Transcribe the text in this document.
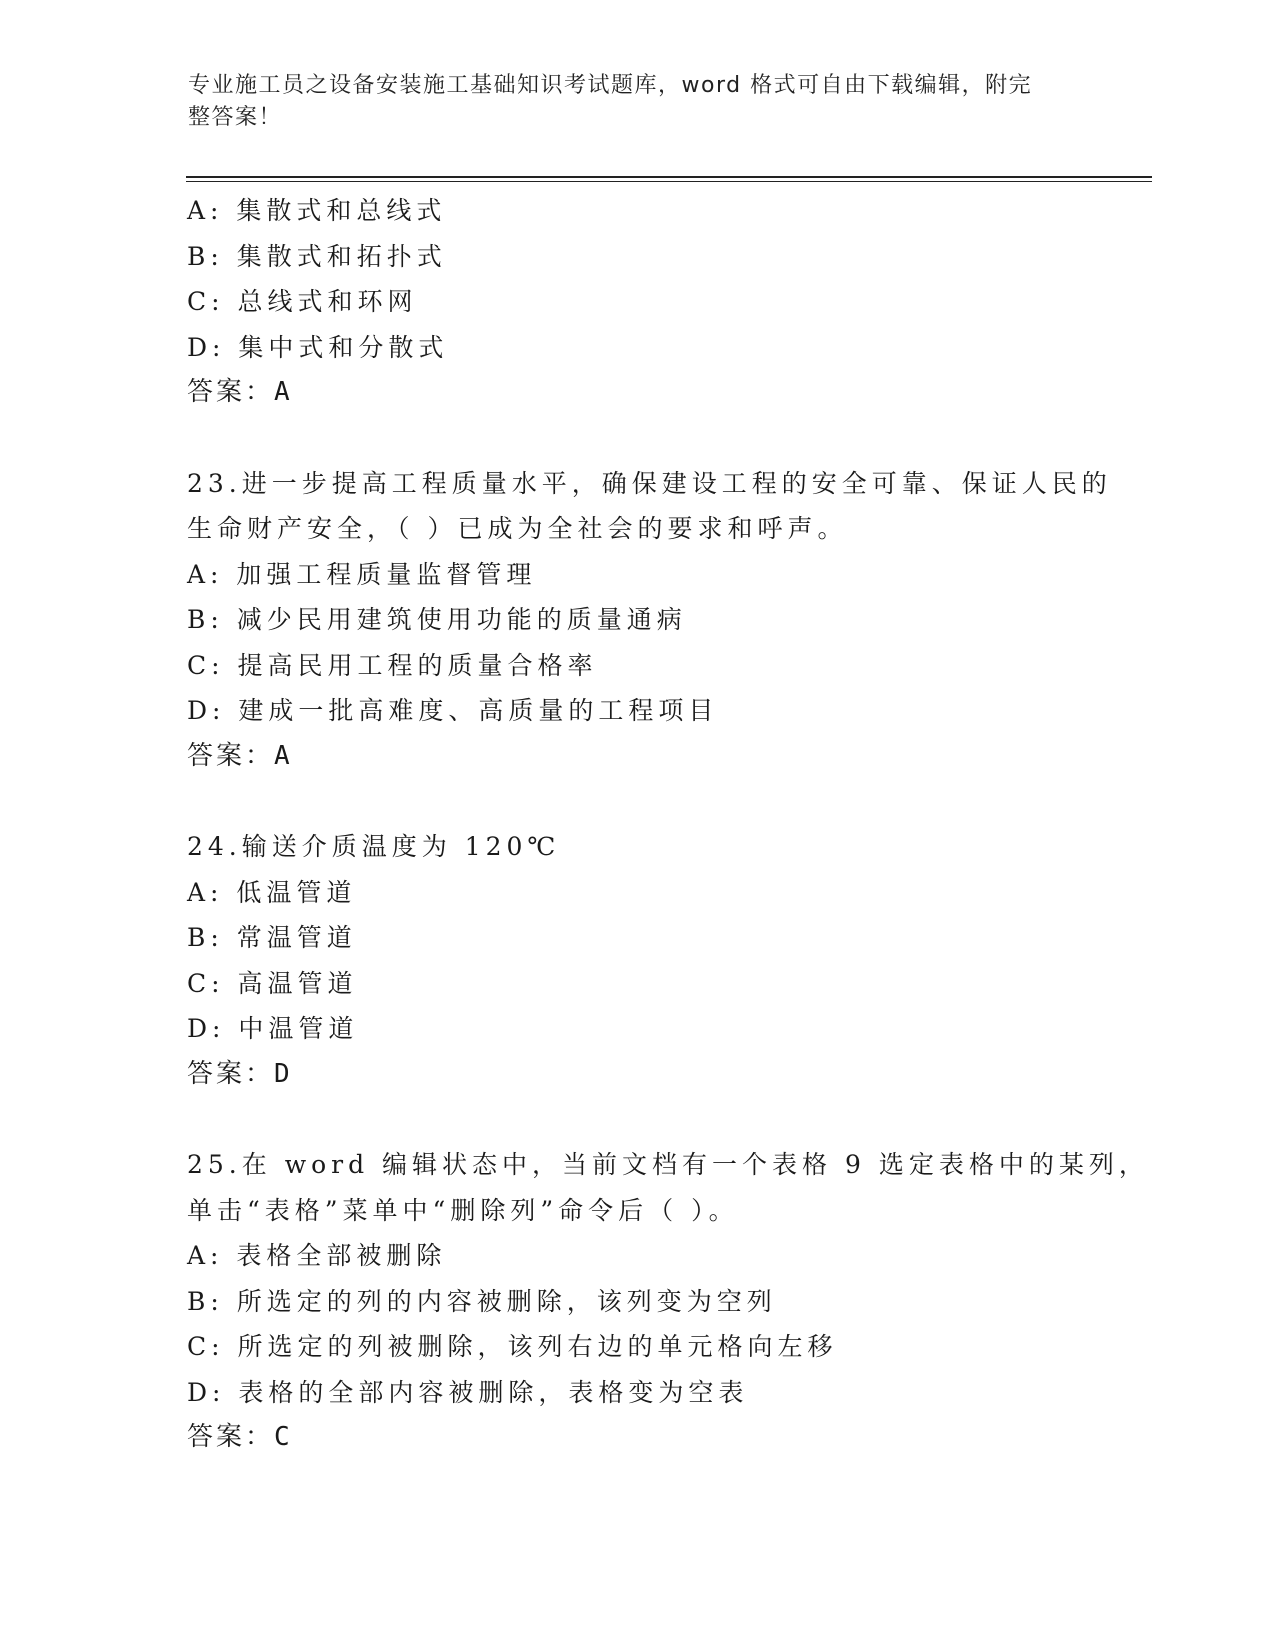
专业施工员之设备安装施工基础知识考试题库，word 格式可自由下载编辑，附完
整答案！
A: 集散式和总线式
B: 集散式和拓扑式
C: 总线式和环网
D: 集中式和分散式
答案：A
23.进一步提高工程质量水平，确保建设工程的安全可靠、保证人民的
生命财产安全，（ ）已成为全社会的要求和呼声。
A: 加强工程质量监督管理
B: 减少民用建筑使用功能的质量通病
C: 提高民用工程的质量合格率
D: 建成一批高难度、高质量的工程项目
答案：A
24.输送介质温度为 120℃
A: 低温管道
B: 常温管道
C: 高温管道
D: 中温管道
答案：D
25.在 word 编辑状态中，当前文档有一个表格 9 选定表格中的某列，
单击“表格”菜单中“删除列”命令后（ ）。
A: 表格全部被删除
B: 所选定的列的内容被删除，该列变为空列
C: 所选定的列被删除，该列右边的单元格向左移
D: 表格的全部内容被删除，表格变为空表
答案：C
